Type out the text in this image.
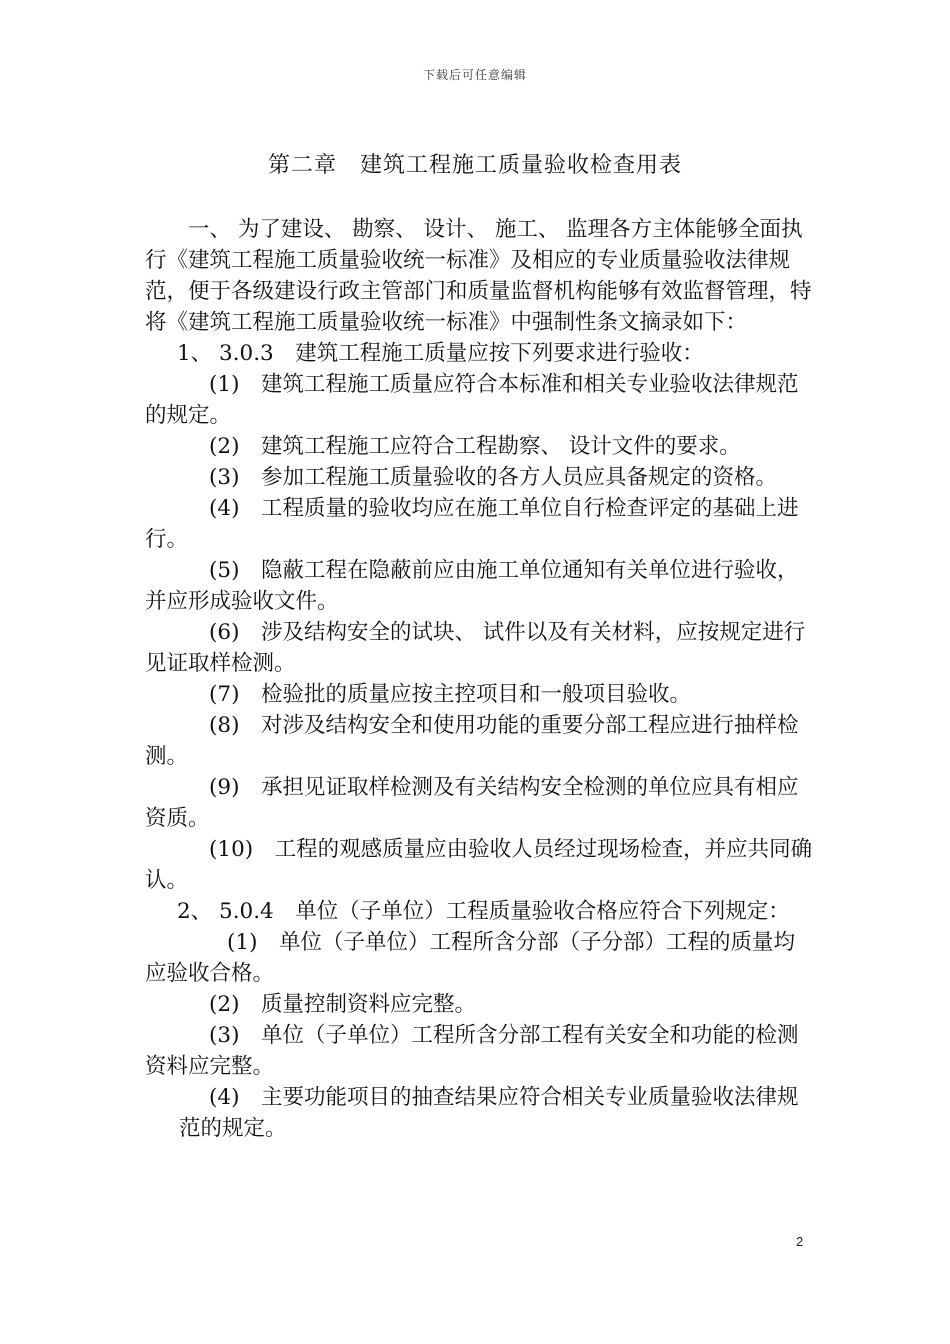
下载后可任意编辑
第二章　建筑工程施工质量验收检查用表

一、 为了建设、 勘察、 设计、 施工、 监理各方主体能够全面执行《建筑工程施工质量验收统一标准》及相应的专业质量验收法律规范，便于各级建设行政主管部门和质量监督机构能够有效监督管理，特将《建筑工程施工质量验收统一标准》中强制性条文摘录如下：

1、 3.0.3　建筑工程施工质量应按下列要求进行验收：

(1)　建筑工程施工质量应符合本标准和相关专业验收法律规范的规定。

(2)　建筑工程施工应符合工程勘察、 设计文件的要求。

(3)　参加工程施工质量验收的各方人员应具备规定的资格。

(4)　工程质量的验收均应在施工单位自行检查评定的基础上进行。

(5)　隐蔽工程在隐蔽前应由施工单位通知有关单位进行验收，并应形成验收文件。

(6)　涉及结构安全的试块、 试件以及有关材料，应按规定进行见证取样检测。

(7)　检验批的质量应按主控项目和一般项目验收。

(8)　对涉及结构安全和使用功能的重要分部工程应进行抽样检测。

(9)　承担见证取样检测及有关结构安全检测的单位应具有相应资质。

(10)　工程的观感质量应由验收人员经过现场检查，并应共同确认。

2、 5.0.4　单位（子单位）工程质量验收合格应符合下列规定：

(1)　单位（子单位）工程所含分部（子分部）工程的质量均应验收合格。

(2)　质量控制资料应完整。

(3)　单位（子单位）工程所含分部工程有关安全和功能的检测资料应完整。

(4)　主要功能项目的抽查结果应符合相关专业质量验收法律规范的规定。

2
